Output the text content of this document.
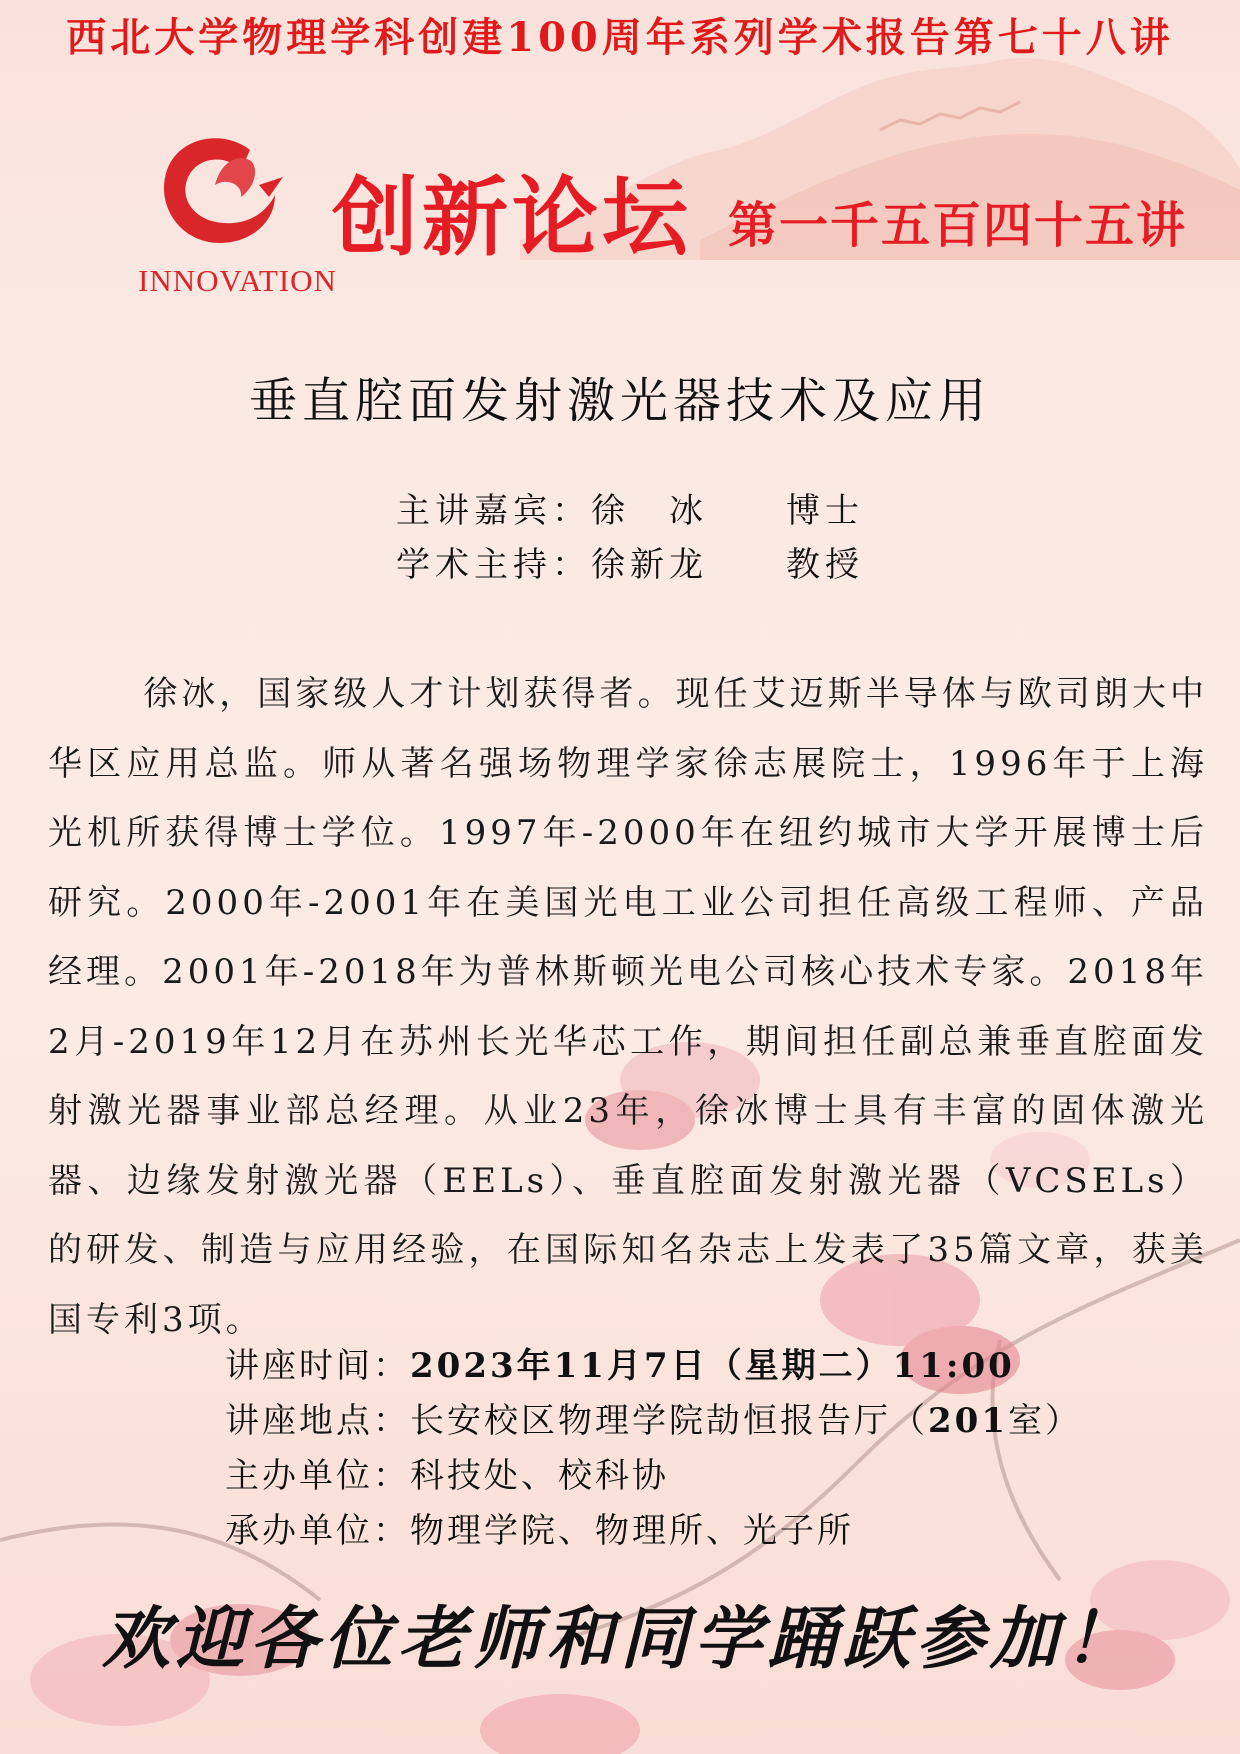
西北大学物理学科创建100周年系列学术报告第七十八讲
INNOVATION
创新论坛 第一千五百四十五讲
垂直腔面发射激光器技术及应用
主讲嘉宾：徐　冰　　 博士
学术主持：徐新龙　　 教授
徐冰，国家级人才计划获得者。现任艾迈斯半导体与欧司朗大中华区应用总监。师从著名强场物理学家徐志展院士，1996年于上海光机所获得博士学位。1997年-2000年在纽约城市大学开展博士后研究。2000年-2001年在美国光电工业公司担任高级工程师、产品经理。2001年-2018年为普林斯顿光电公司核心技术专家。2018年2月-2019年12月在苏州长光华芯工作，期间担任副总兼垂直腔面发射激光器事业部总经理。从业23年，徐冰博士具有丰富的固体激光器、边缘发射激光器（EELs）、垂直腔面发射激光器（VCSELs）的研发、制造与应用经验，在国际知名杂志上发表了35篇文章，获美国专利3项。
讲座时间：2023年11月7日（星期二）11:00
讲座地点：长安校区物理学院劼恒报告厅（201室）
主办单位：科技处、校科协
承办单位：物理学院、物理所、光子所
欢迎各位老师和同学踊跃参加！
